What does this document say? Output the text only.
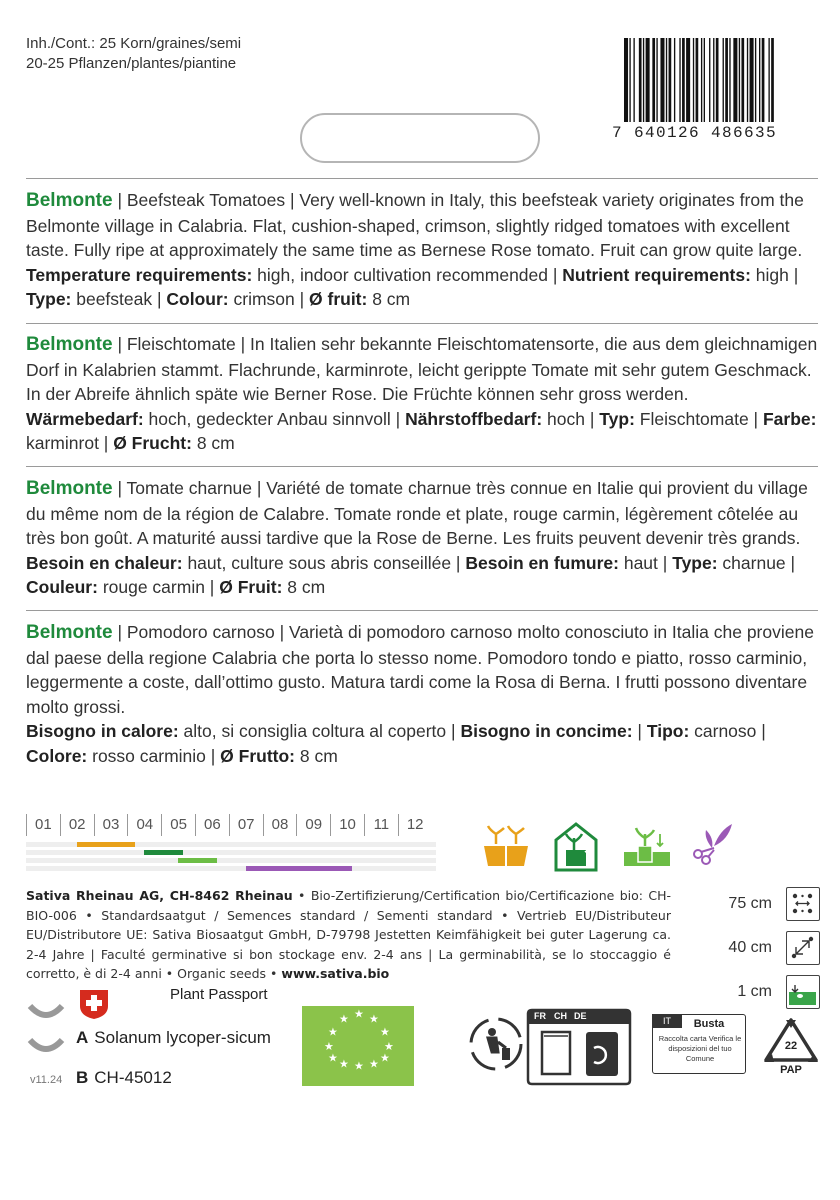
Inh./Cont.: 25 Korn/graines/semi
20-25 Pflanzen/plantes/piantine
7 640126 486635
Belmonte | Beefsteak Tomatoes | Very well-known in Italy, this beefsteak variety originates from the Belmonte village in Calabria. Flat, cushion-shaped, crimson, slightly ridged tomatoes with excellent taste. Fully ripe at approximately the same time as Bernese Rose tomato. Fruit can grow quite large.
Temperature requirements: high, indoor cultivation recommended | Nutrient requirements: high | Type: beefsteak | Colour: crimson | Ø fruit: 8 cm
Belmonte | Fleischtomate | In Italien sehr bekannte Fleischtomatensorte, die aus dem gleichnamigen Dorf in Kalabrien stammt. Flachrunde, karminrote, leicht gerippte Tomate mit sehr gutem Geschmack. In der Abreife ähnlich späte wie Berner Rose. Die Früchte können sehr gross werden.
Wärmebedarf: hoch, gedeckter Anbau sinnvoll | Nährstoffbedarf: hoch | Typ: Fleischtomate | Farbe: karminrot | Ø Frucht: 8 cm
Belmonte | Tomate charnue | Variété de tomate charnue très connue en Italie qui provient du village du même nom de la région de Calabre. Tomate ronde et plate, rouge carmin, légèrement côtelée au très bon goût. A maturité aussi tardive que la Rose de Berne. Les fruits peuvent devenir très grands.
Besoin en chaleur: haut, culture sous abris conseillée | Besoin en fumure: haut | Type: charnue | Couleur: rouge carmin | Ø Fruit: 8 cm
Belmonte | Pomodoro carnoso | Varietà di pomodoro carnoso molto conosciuto in Italia che proviene dal paese della regione Calabria che porta lo stesso nome. Pomodoro tondo e piatto, rosso carminio, leggermente a coste, dall’ottimo gusto. Matura tardi come la Rosa di Berna. I frutti possono diventare molto grossi.
Bisogno in calore: alto, si consiglia coltura al coperto | Bisogno in concime: | Tipo: carnoso | Colore: rosso carminio | Ø Frutto: 8 cm
01	02	03	04	05	06	07	08	09	10	11	12
Sativa Rheinau AG, CH-8462 Rheinau • Bio-Zertifizierung/Certification bio/Certificazione bio: CH-BIO-006 • Standardsaatgut / Semences standard / Sementi standard • Vertrieb EU/Distributeur EU/Distributore UE: Sativa Biosaatgut GmbH, D-79798 Jestetten Keimfähigkeit bei guter Lagerung ca. 2-4 Jahre | Faculté germinative si bon stockage env. 2-4 ans | La germinabilità, se lo stoccaggio é corretto, è di 2-4 anni • Organic seeds • www.sativa.bio
75 cm
40 cm
1 cm
v11.24
Plant Passport
A Solanum lycoper-sicum
B CH-45012
★ ★
★
★
★
★
★
★
★
★
★
★	FR CH DE	IT	Busta
Raccolta carta Verifica le disposizioni del tuo Comune
22
PAP
